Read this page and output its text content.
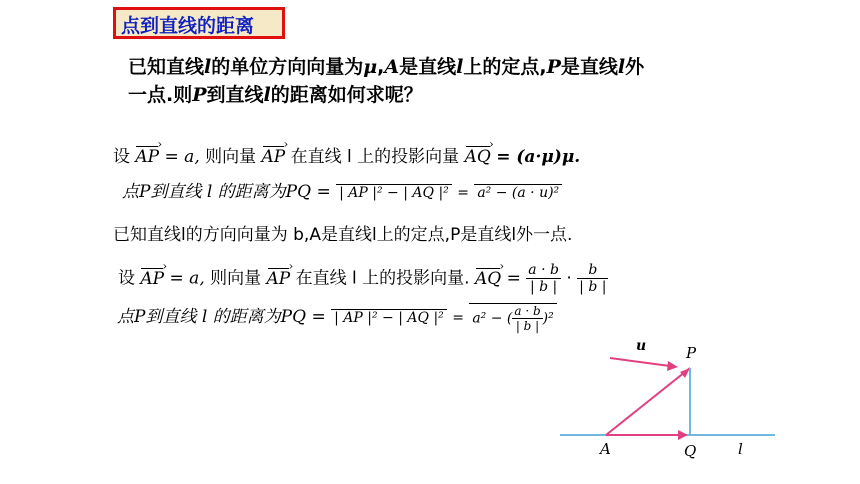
点到直线的距离
已知直线l的单位方向向量为μ,A是直线l上的定点,P是直线l外
一点.则P到直线l的距离如何求呢？
设 AP › = a, 则向量 AP › 在直线 l 上的投影向量 AQ › = (a·μ)μ.
点P到直线 l 的距离为PQ = | AP |² − | AQ |² = a² − (a · u)²
已知直线l的方向向量为 b,A是直线l上的定点,P是直线l外一点.
设 AP › = a, 则向量 AP › 在直线 l 上的投影向量. AQ › = $\frac{a \cdot b}{| b |} \cdot \frac{b}{| b |}$
点P到直线 l 的距离为PQ = | AP |² − | AQ |² = a² − ( $\frac{a \cdot b}{| b |} )^2$
u	P
A	Q	l
